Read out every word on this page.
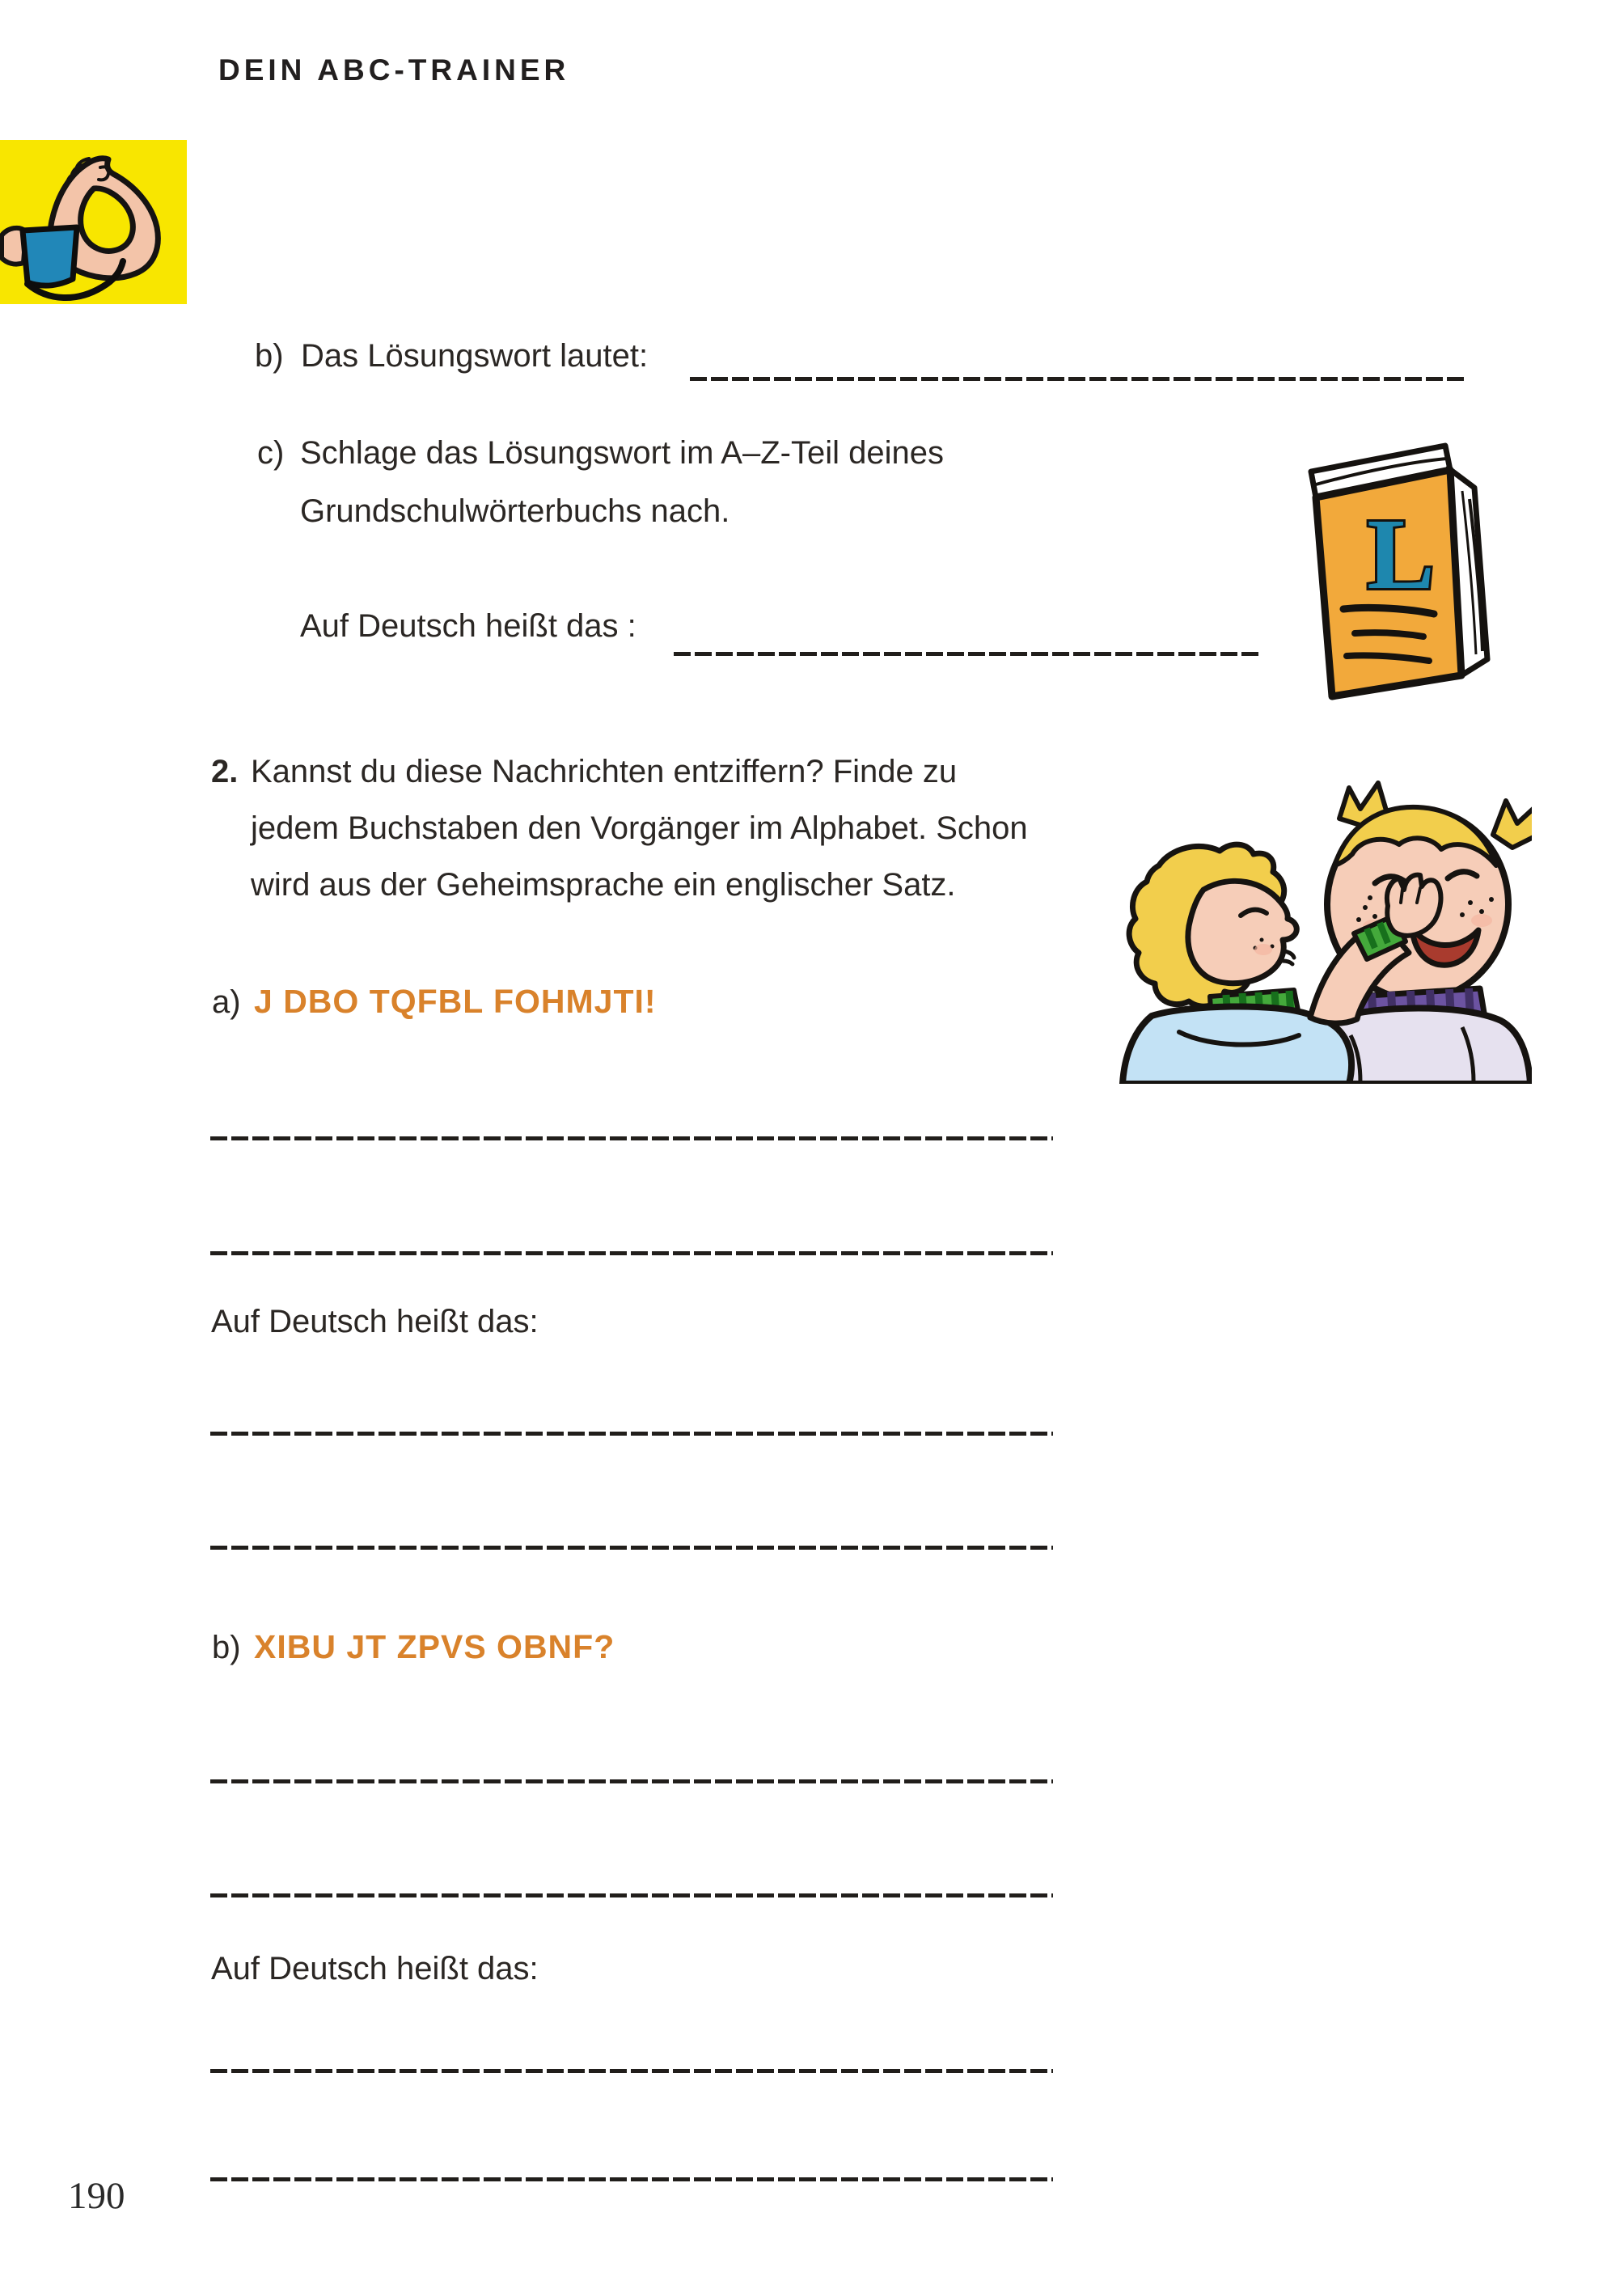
DEIN ABC-TRAINER
b) Das Lösungswort lautet:
c) Schlage das Lösungswort im A–Z-Teil deines
Grundschulwörterbuchs nach.
Auf Deutsch heißt das :
L
2. Kannst du diese Nachrichten entziffern? Finde zu
jedem Buchstaben den Vorgänger im Alphabet. Schon
wird aus der Geheimsprache ein englischer Satz.
a) J DBO TQFBL FOHMJTI!
Auf Deutsch heißt das:
b) XIBU JT ZPVS OBNF?
Auf Deutsch heißt das:
190
